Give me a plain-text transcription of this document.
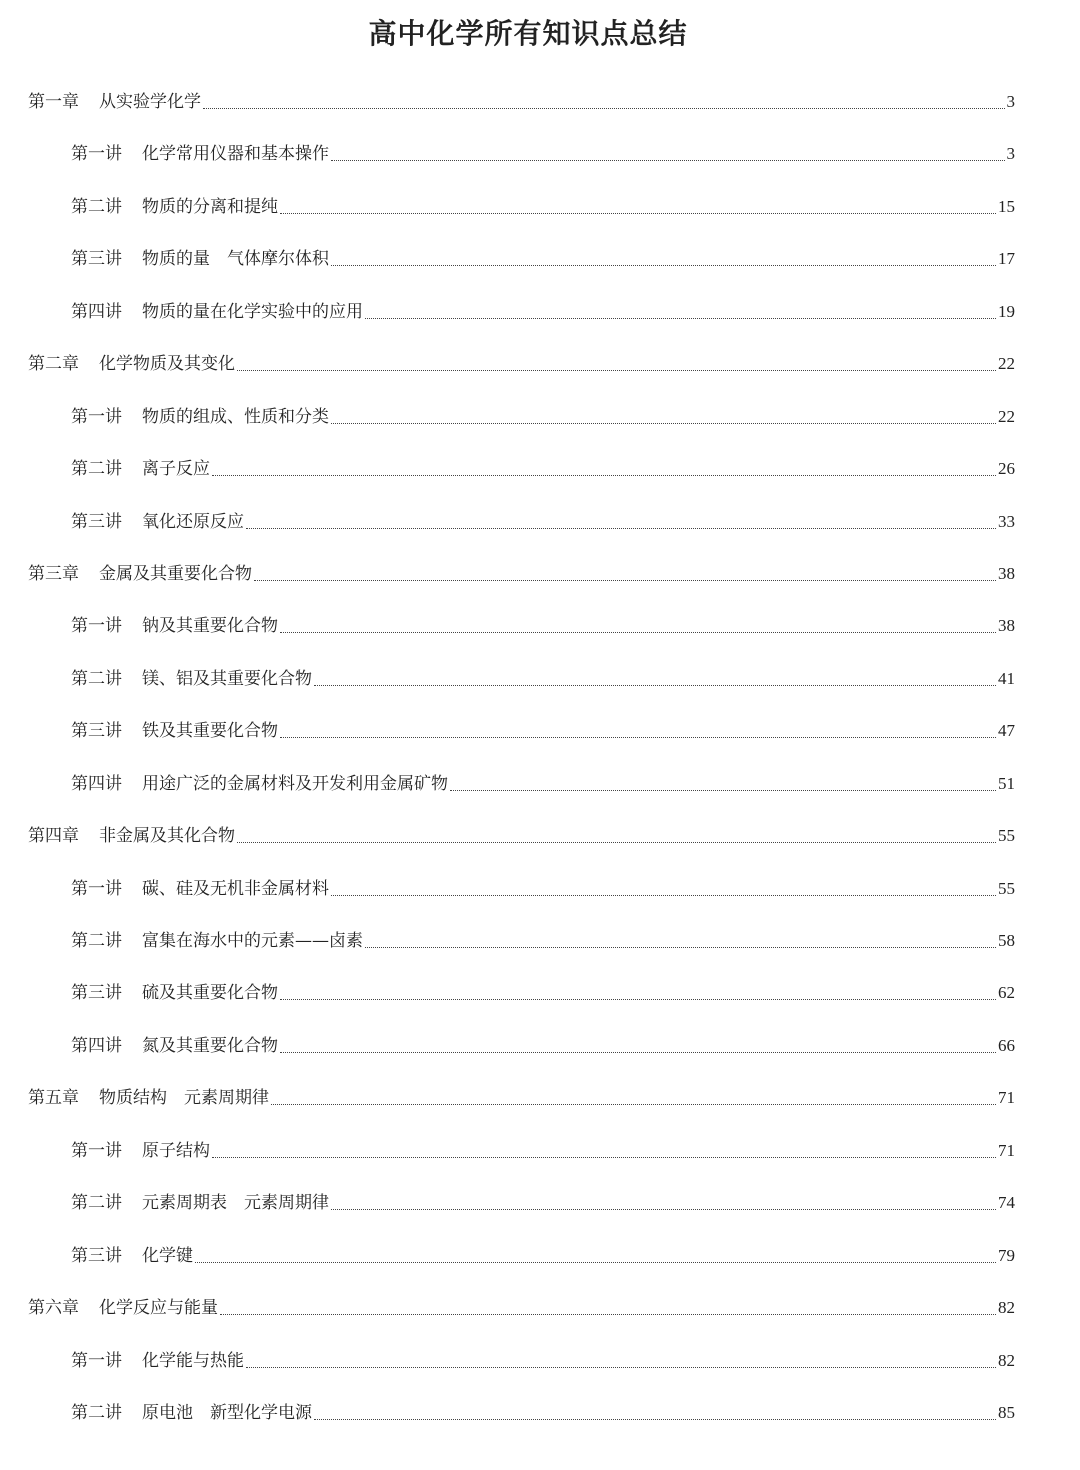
高中化学所有知识点总结
第一章 从实验学化学	3
第一讲 化学常用仪器和基本操作	3
第二讲 物质的分离和提纯	15
第三讲 物质的量　气体摩尔体积	17
第四讲 物质的量在化学实验中的应用	19
第二章 化学物质及其变化	22
第一讲 物质的组成、性质和分类	22
第二讲 离子反应	26
第三讲 氧化还原反应	33
第三章 金属及其重要化合物	38
第一讲 钠及其重要化合物	38
第二讲 镁、铝及其重要化合物	41
第三讲 铁及其重要化合物	47
第四讲 用途广泛的金属材料及开发利用金属矿物	51
第四章 非金属及其化合物	55
第一讲 碳、硅及无机非金属材料	55
第二讲 富集在海水中的元素——卤素	58
第三讲 硫及其重要化合物	62
第四讲 氮及其重要化合物	66
第五章 物质结构　元素周期律	71
第一讲 原子结构	71
第二讲 元素周期表　元素周期律	74
第三讲 化学键	79
第六章 化学反应与能量	82
第一讲 化学能与热能	82
第二讲 原电池　新型化学电源	85
